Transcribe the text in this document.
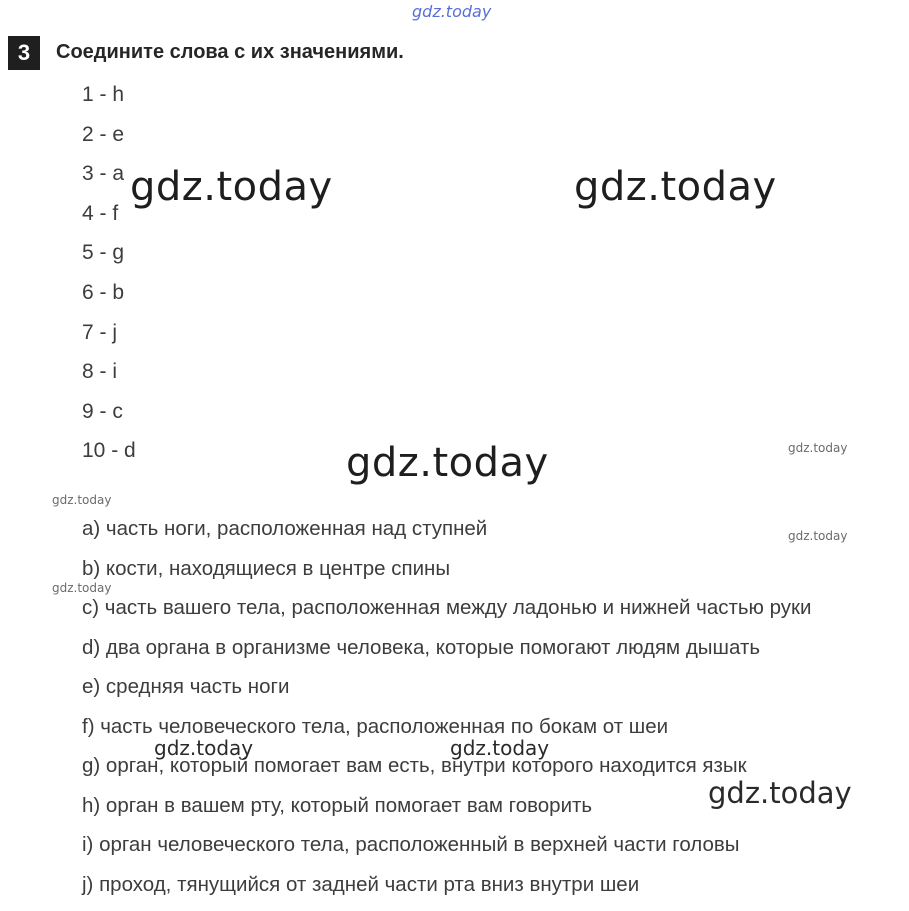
gdz.today
3	Соедините слова с их значениями.
1 - h
2 - e
3 - a
4 - f
5 - g
6 - b
7 - j
8 - i
9 - c
10 - d
a) часть ноги, расположенная над ступней
b) кости, находящиеся в центре спины
c) часть вашего тела, расположенная между ладонью и нижней частью руки
d) два органа в организме человека, которые помогают людям дышать
e) средняя часть ноги
f) часть человеческого тела, расположенная по бокам от шеи
g) орган, который помогает вам есть, внутри которого находится язык
h) орган в вашем рту, который помогает вам говорить
i) орган человеческого тела, расположенный в верхней части головы
j) проход, тянущийся от задней части рта вниз внутри шеи
gdz.today	gdz.today
gdz.today	gdz.today
gdz.today
gdz.today
gdz.today
gdz.today	gdz.today
gdz.today
